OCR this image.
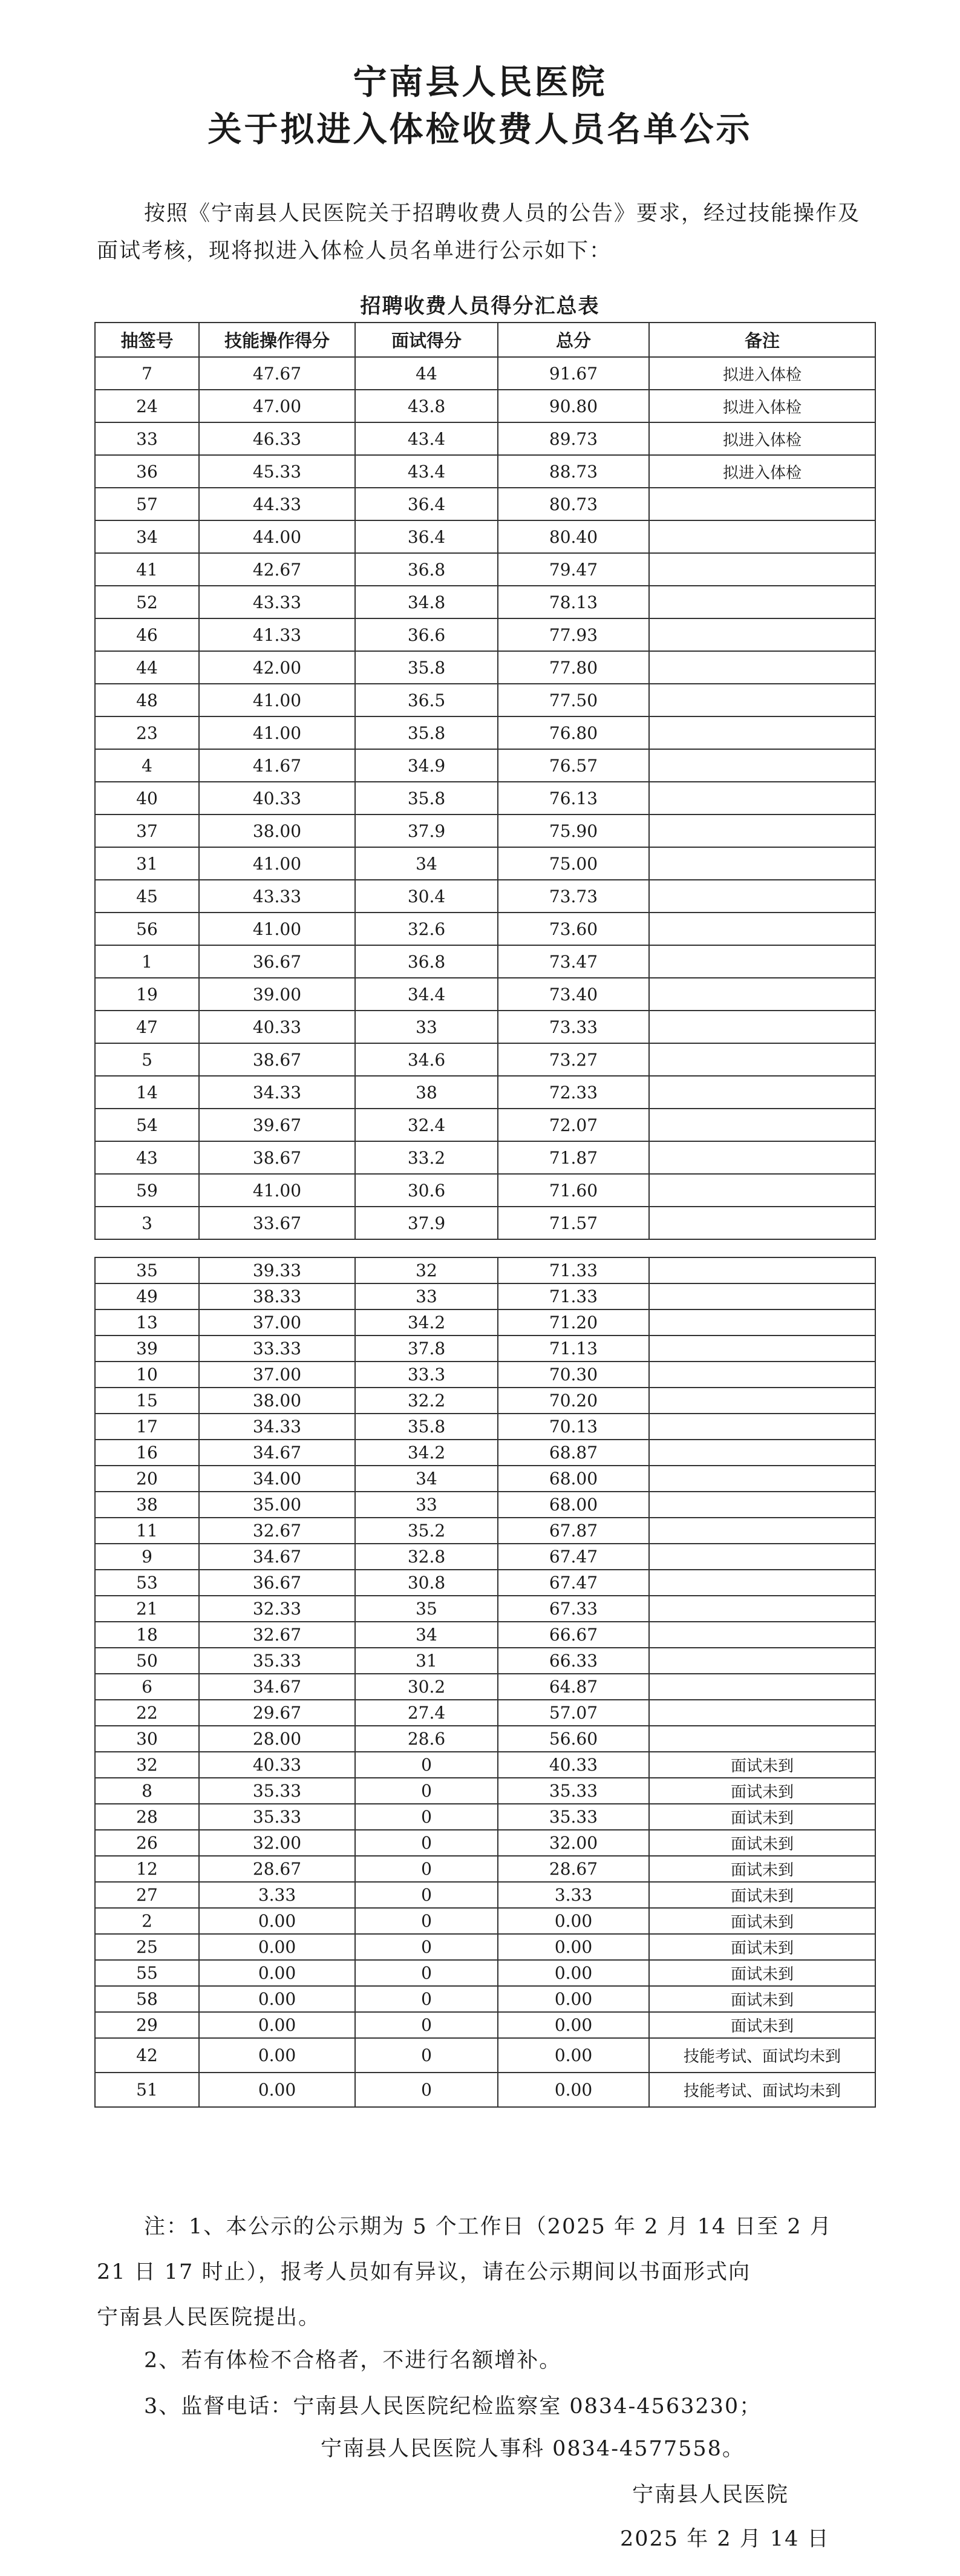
宁南县人民医院
关于拟进入体检收费人员名单公示
按照《宁南县人民医院关于招聘收费人员的公告》要求，经过技能操作及面试考核，现将拟进入体检人员名单进行公示如下：
招聘收费人员得分汇总表
抽签号	技能操作得分	面试得分	总分	备注
7	47.67	44	91.67	拟进入体检
24	47.00	43.8	90.80	拟进入体检
33	46.33	43.4	89.73	拟进入体检
36	45.33	43.4	88.73	拟进入体检
57	44.33	36.4	80.73	
34	44.00	36.4	80.40	
41	42.67	36.8	79.47	
52	43.33	34.8	78.13	
46	41.33	36.6	77.93	
44	42.00	35.8	77.80	
48	41.00	36.5	77.50	
23	41.00	35.8	76.80	
4	41.67	34.9	76.57	
40	40.33	35.8	76.13	
37	38.00	37.9	75.90	
31	41.00	34	75.00	
45	43.33	30.4	73.73	
56	41.00	32.6	73.60	
1	36.67	36.8	73.47	
19	39.00	34.4	73.40	
47	40.33	33	73.33	
5	38.67	34.6	73.27	
14	34.33	38	72.33	
54	39.67	32.4	72.07	
43	38.67	33.2	71.87	
59	41.00	30.6	71.60	
3	33.67	37.9	71.57	
35	39.33	32	71.33	
49	38.33	33	71.33	
13	37.00	34.2	71.20	
39	33.33	37.8	71.13	
10	37.00	33.3	70.30	
15	38.00	32.2	70.20	
17	34.33	35.8	70.13	
16	34.67	34.2	68.87	
20	34.00	34	68.00	
38	35.00	33	68.00	
11	32.67	35.2	67.87	
9	34.67	32.8	67.47	
53	36.67	30.8	67.47	
21	32.33	35	67.33	
18	32.67	34	66.67	
50	35.33	31	66.33	
6	34.67	30.2	64.87	
22	29.67	27.4	57.07	
30	28.00	28.6	56.60	
32	40.33	0	40.33	面试未到
8	35.33	0	35.33	面试未到
28	35.33	0	35.33	面试未到
26	32.00	0	32.00	面试未到
12	28.67	0	28.67	面试未到
27	3.33	0	3.33	面试未到
2	0.00	0	0.00	面试未到
25	0.00	0	0.00	面试未到
55	0.00	0	0.00	面试未到
58	0.00	0	0.00	面试未到
29	0.00	0	0.00	面试未到
42	0.00	0	0.00	技能考试、面试均未到
51	0.00	0	0.00	技能考试、面试均未到
注：1、本公示的公示期为 5 个工作日（2025 年 2 月 14 日至 2 月
21 日 17 时止），报考人员如有异议，请在公示期间以书面形式向
宁南县人民医院提出。
2、若有体检不合格者，不进行名额增补。
3、监督电话：宁南县人民医院纪检监察室 0834-4563230；
宁南县人民医院人事科 0834-4577558。
宁南县人民医院
2025 年 2 月 14 日
